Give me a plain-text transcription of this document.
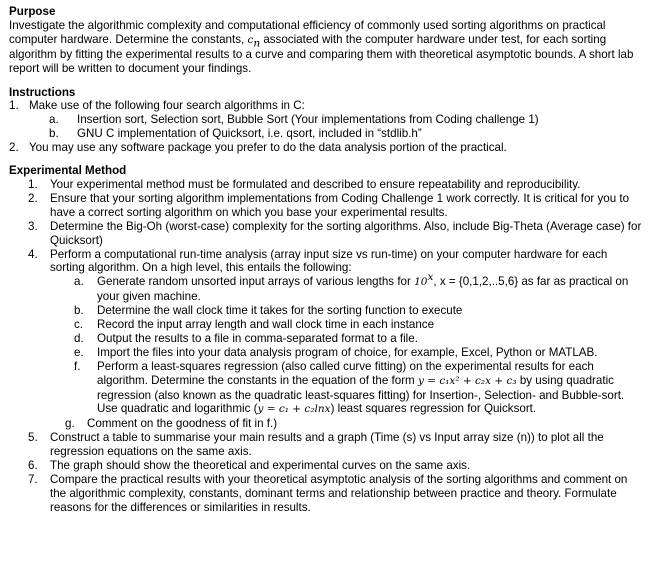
Purpose

Investigate the algorithmic complexity and computational efficiency of commonly used sorting algorithms on practical computer hardware. Determine the constants, $c_n$ associated with the computer hardware under test, for each sorting algorithm by fitting the experimental results to a curve and comparing them with theoretical asymptotic bounds. A short lab report will be written to document your findings.

Instructions

1. Make use of the following four search algorithms in C:
a.	Insertion sort, Selection sort, Bubble Sort (Your implementations from Coding challenge 1)
b.	GNU C implementation of Quicksort, i.e. qsort, included in “stdlib.h”
2. You may use any software package you prefer to do the data analysis portion of the practical.

Experimental Method

1.	Your experimental method must be formulated and described to ensure repeatability and reproducibility.
2.	Ensure that your sorting algorithm implementations from Coding Challenge 1 work correctly. It is critical for you to have a correct sorting algorithm on which you base your experimental results.
3.	Determine the Big-Oh (worst-case) complexity for the sorting algorithms. Also, include Big-Theta (Average case) for Quicksort)
4.	Perform a computational run-time analysis (array input size vs run-time) on your computer hardware for each sorting algorithm. On a high level, this entails the following:
a.	Generate random unsorted input arrays of various lengths for 10$^x$, x = {0,1,2,..5,6} as far as practical on your given machine.
b.	Determine the wall clock time it takes for the sorting function to execute
c.	Record the input array length and wall clock time in each instance
d.	Output the results to a file in comma-separated format to a file.
e.	Import the files into your data analysis program of choice, for example, Excel, Python or MATLAB.
f.	Perform a least-squares regression (also called curve fitting) on the experimental results for each algorithm. Determine the constants in the equation of the form y = c₁x² + c₂x + c₃ by using quadratic regression (also known as the quadratic least-squares fitting) for Insertion-, Selection- and Bubble-sort. Use quadratic and logarithmic (y = c₁ + c₂lnx) least squares regression for Quicksort.
g.	Comment on the goodness of fit in f.)
5.	Construct a table to summarise your main results and a graph (Time (s) vs Input array size (n)) to plot all the regression equations on the same axis.
6.	The graph should show the theoretical and experimental curves on the same axis.
7.	Compare the practical results with your theoretical asymptotic analysis of the sorting algorithms and comment on the algorithmic complexity, constants, dominant terms and relationship between practice and theory. Formulate reasons for the differences or similarities in results.
